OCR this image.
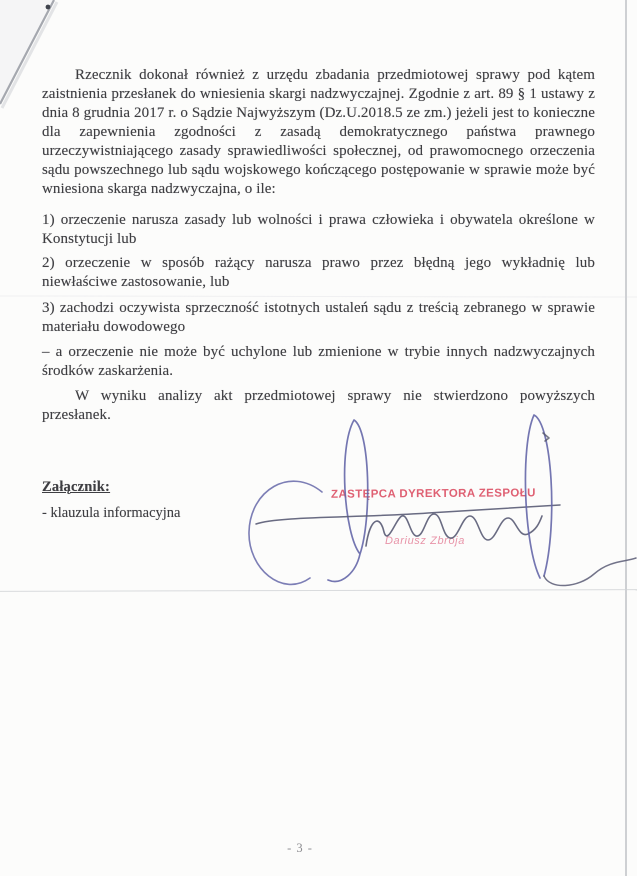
Rzecznik dokonał również z urzędu zbadania przedmiotowej sprawy pod kątem zaistnienia przesłanek do wniesienia skargi nadzwyczajnej. Zgodnie z art. 89 § 1 ustawy z dnia 8 grudnia 2017 r. o Sądzie Najwyższym (Dz.U.2018.5 ze zm.) jeżeli jest to konieczne dla zapewnienia zgodności z zasadą demokratycznego państwa prawnego urzeczywistniającego zasady sprawiedliwości społecznej, od prawomocnego orzeczenia sądu powszechnego lub sądu wojskowego kończącego postępowanie w sprawie może być wniesiona skarga nadzwyczajna, o ile:
1) orzeczenie narusza zasady lub wolności i prawa człowieka i obywatela określone w Konstytucji lub
2) orzeczenie w sposób rażący narusza prawo przez błędną jego wykładnię lub niewłaściwe zastosowanie, lub
3) zachodzi oczywista sprzeczność istotnych ustaleń sądu z treścią zebranego w sprawie materiału dowodowego
– a orzeczenie nie może być uchylone lub zmienione w trybie innych nadzwyczajnych środków zaskarżenia.
W wyniku analizy akt przedmiotowej sprawy nie stwierdzono powyższych przesłanek.
Załącznik:
- klauzula informacyjna
ZASTĘPCA DYREKTORA ZESPOŁU
Dariusz Zbroja
- 3 -
